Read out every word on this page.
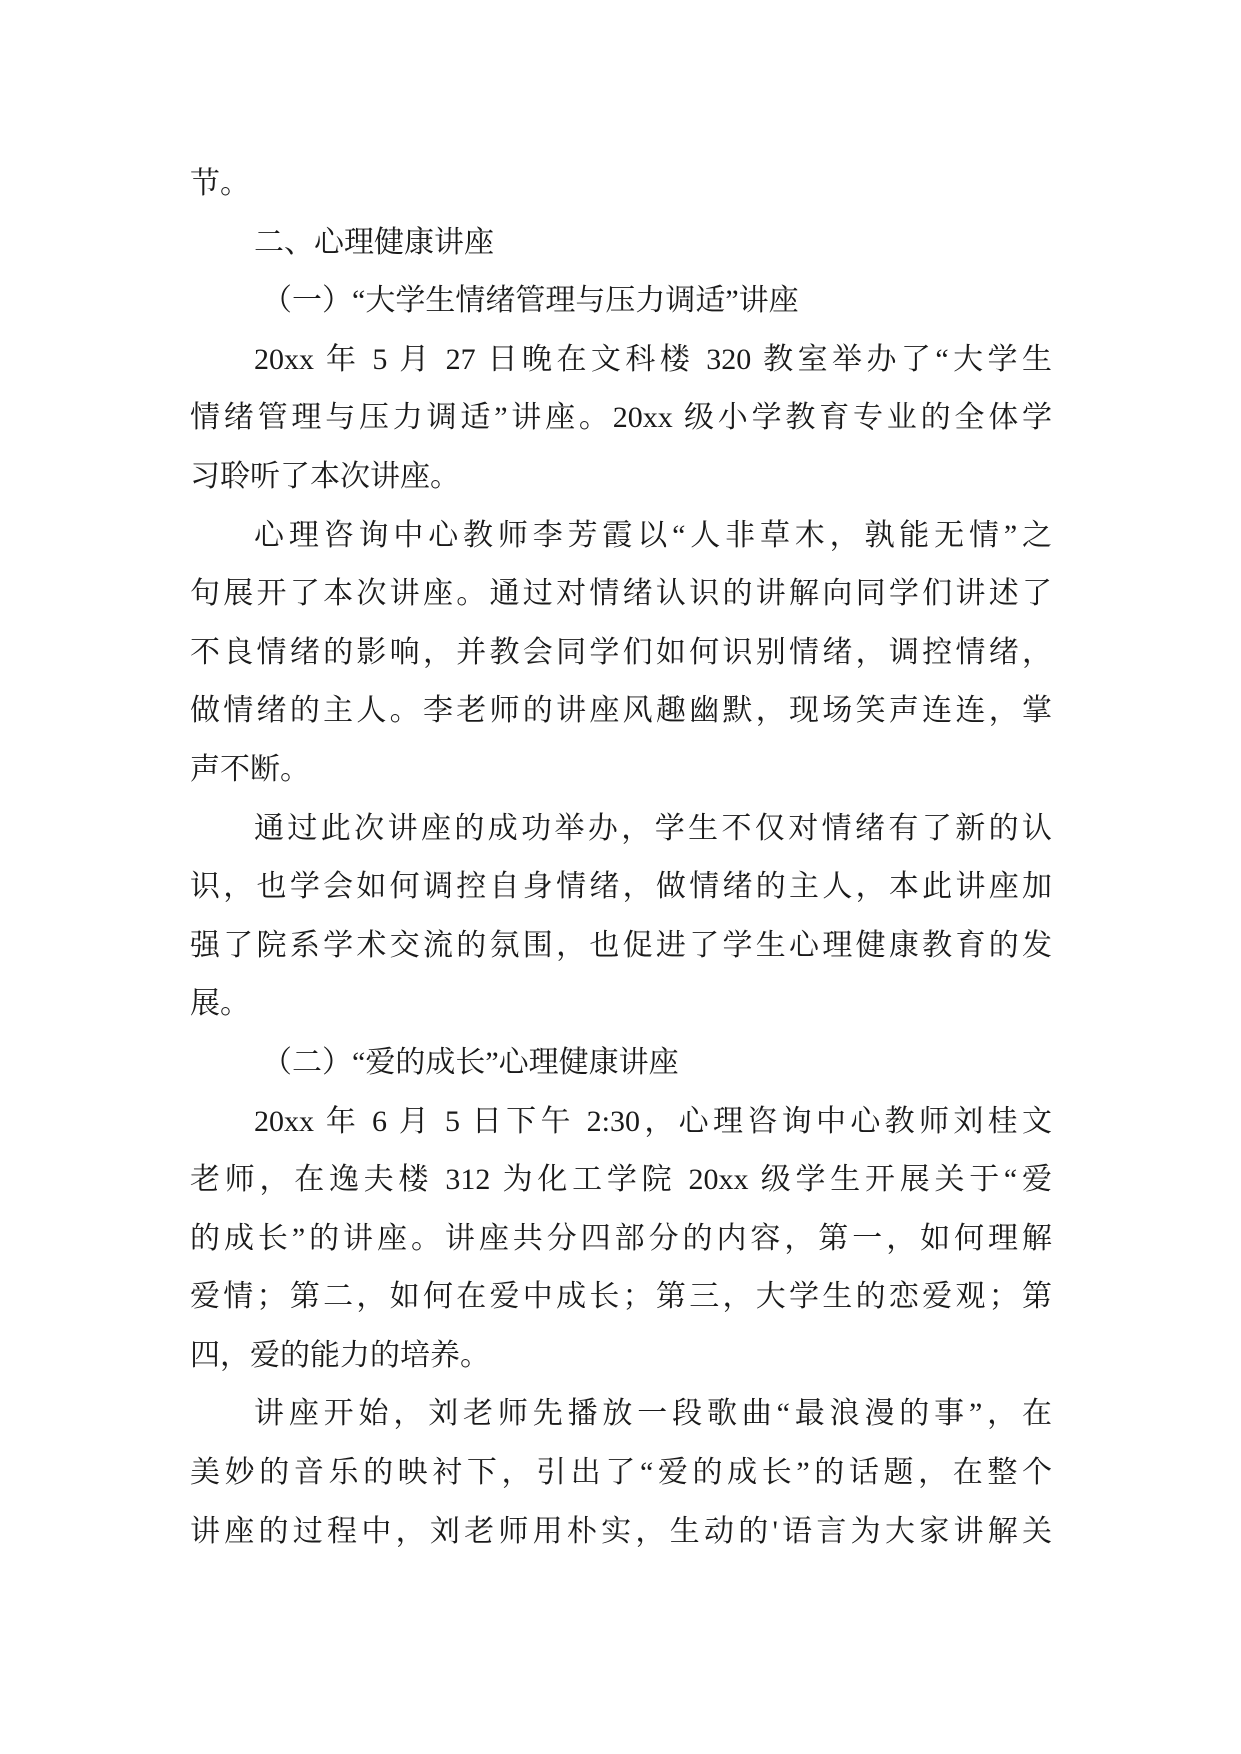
节。
二、心理健康讲座
（一）“大学生情绪管理与压力调适”讲座
20xx 年 5 月 27 日晚在文科楼 320 教室举办了“大学生
情绪管理与压力调适”讲座。20xx 级小学教育专业的全体学
习聆听了本次讲座。
心理咨询中心教师李芳霞以“人非草木，孰能无情”之
句展开了本次讲座。通过对情绪认识的讲解向同学们讲述了
不良情绪的影响，并教会同学们如何识别情绪，调控情绪，
做情绪的主人。李老师的讲座风趣幽默，现场笑声连连，掌
声不断。
通过此次讲座的成功举办，学生不仅对情绪有了新的认
识，也学会如何调控自身情绪，做情绪的主人，本此讲座加
强了院系学术交流的氛围，也促进了学生心理健康教育的发
展。
（二）“爱的成长”心理健康讲座
20xx 年 6 月 5 日下午 2:30，心理咨询中心教师刘桂文
老师，在逸夫楼 312 为化工学院 20xx 级学生开展关于“爱
的成长”的讲座。讲座共分四部分的内容，第一，如何理解
爱情；第二，如何在爱中成长；第三，大学生的恋爱观；第
四，爱的能力的培养。
讲座开始，刘老师先播放一段歌曲“最浪漫的事”，在
美妙的音乐的映衬下，引出了“爱的成长”的话题，在整个
讲座的过程中，刘老师用朴实，生动的'语言为大家讲解关
